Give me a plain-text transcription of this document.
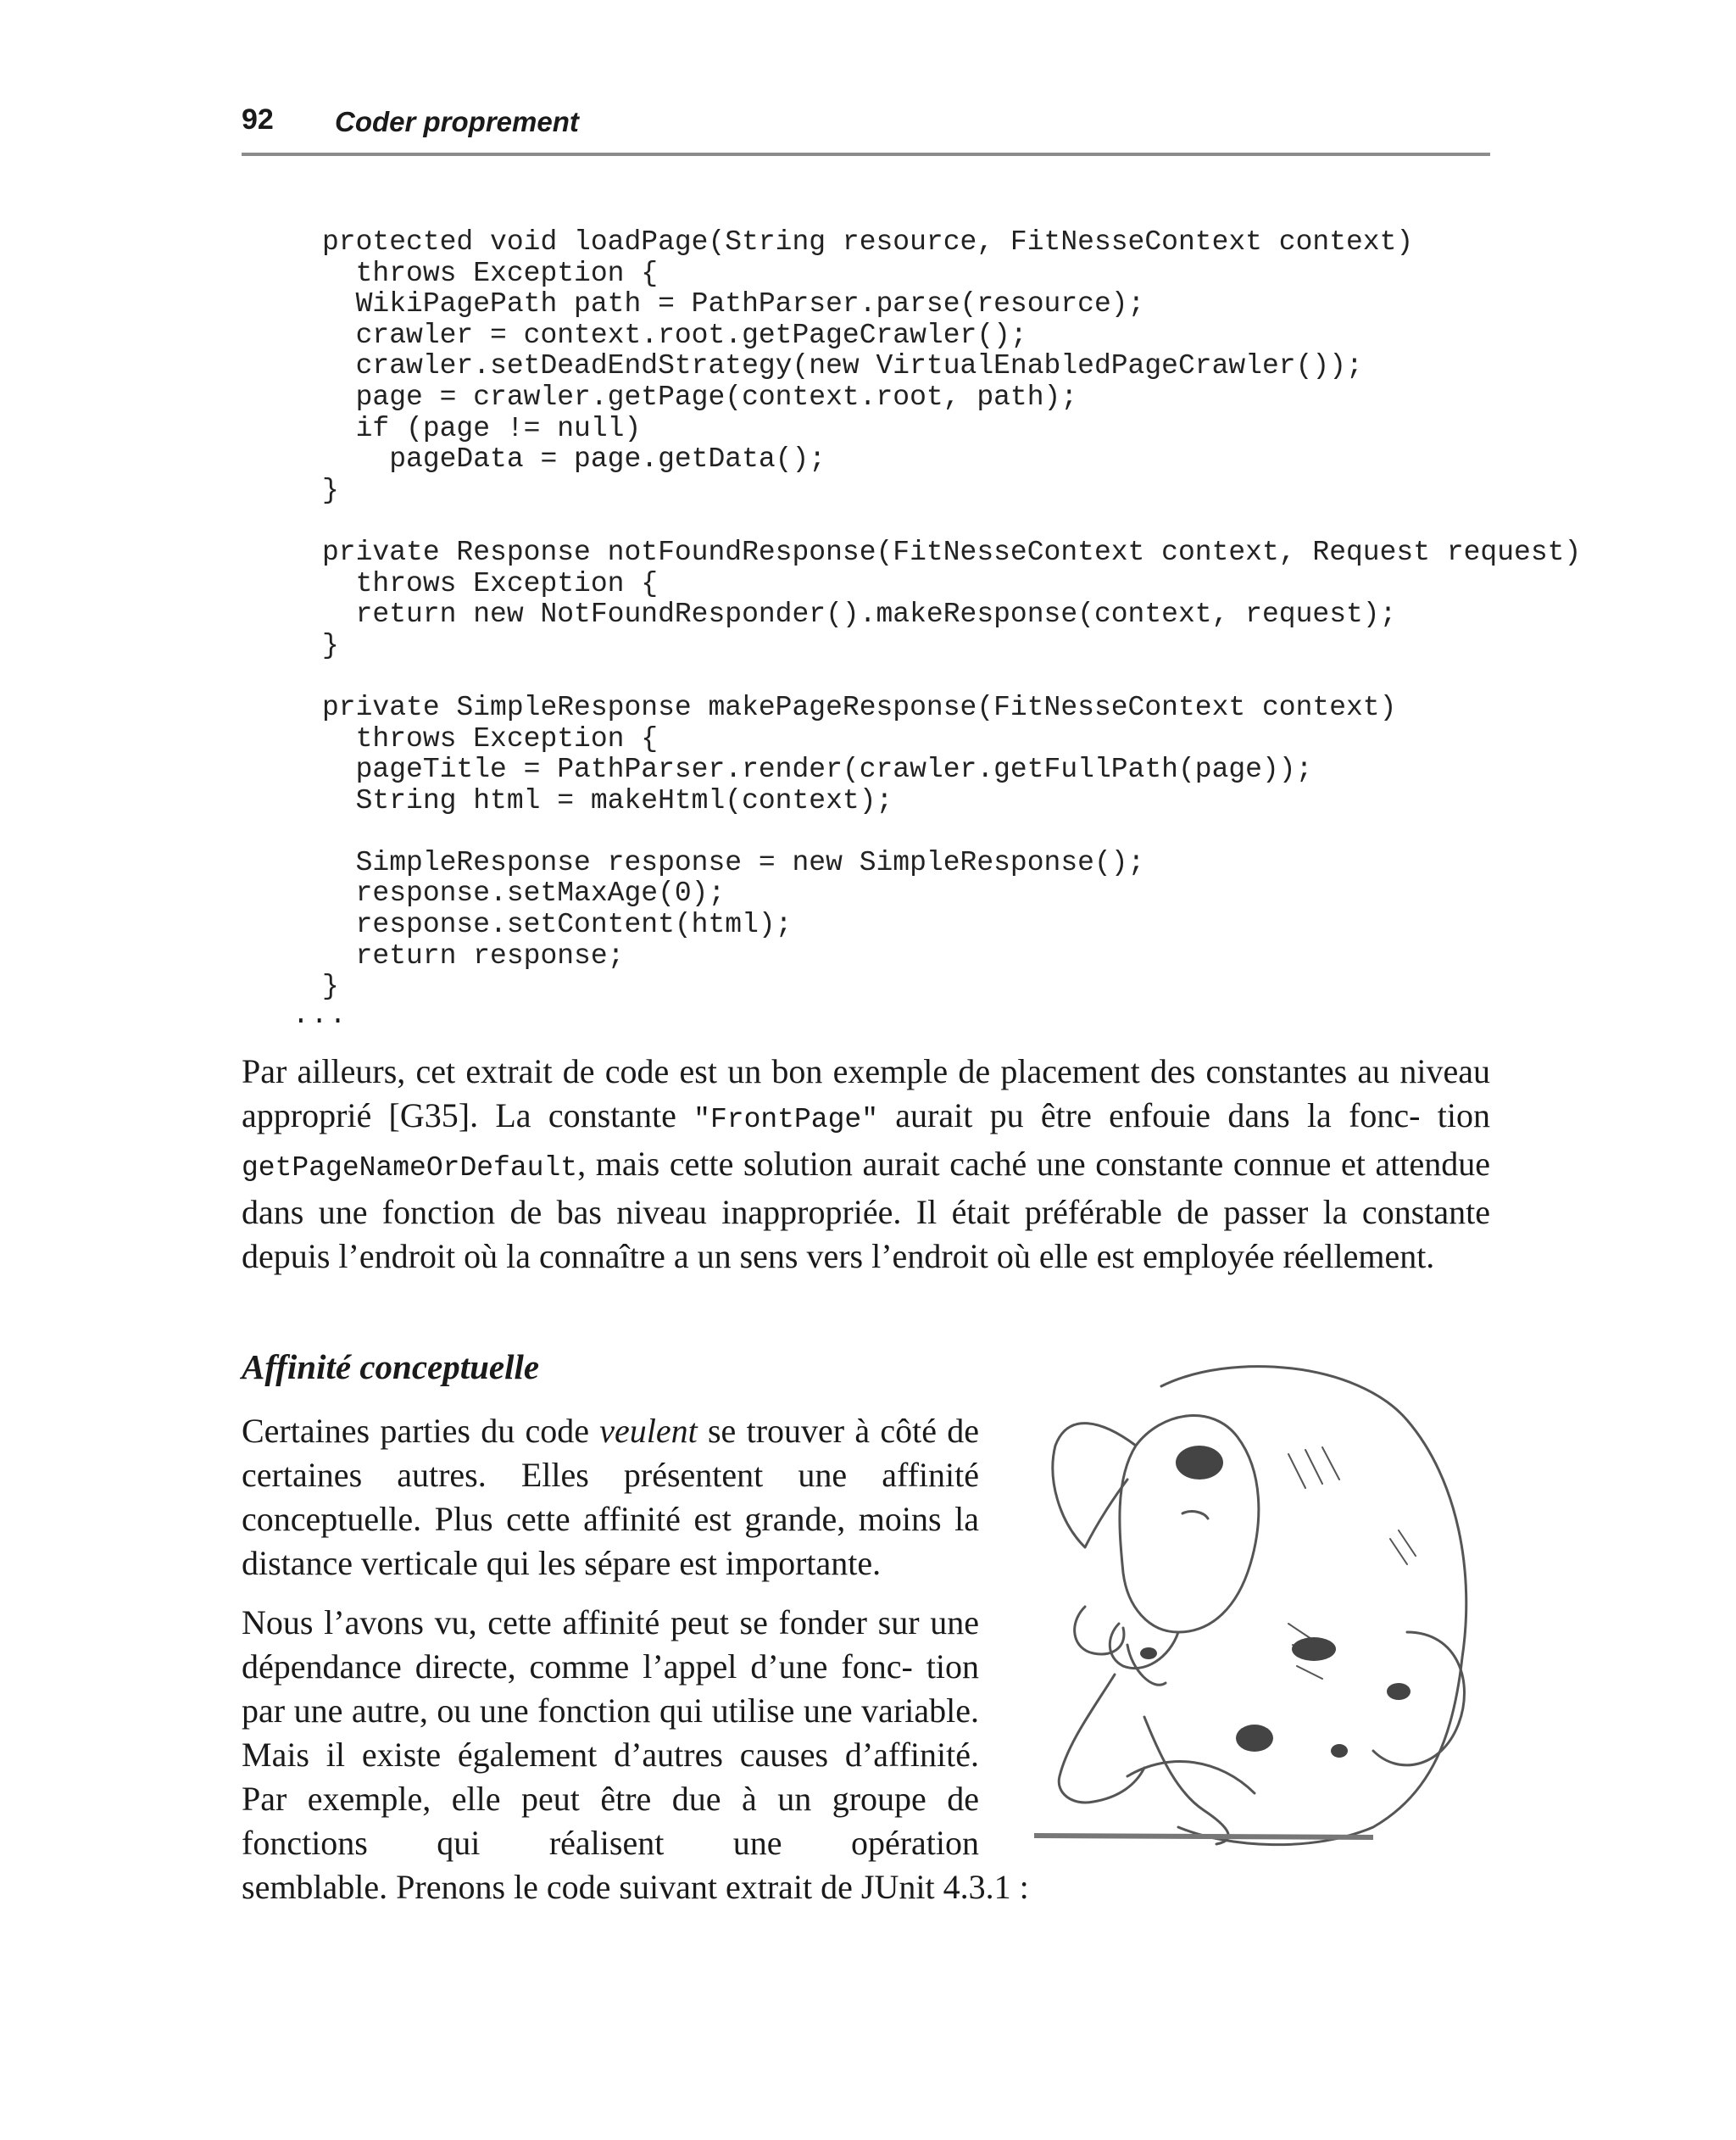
92 Coder proprement
protected void loadPage(String resource, FitNesseContext context)
throws Exception {
WikiPagePath path = PathParser.parse(resource);
crawler = context.root.getPageCrawler();
crawler.setDeadEndStrategy(new VirtualEnabledPageCrawler());
page = crawler.getPage(context.root, path);
if (page != null)
pageData = page.getData();
}

private Response notFoundResponse(FitNesseContext context, Request request)
throws Exception {
return new NotFoundResponder().makeResponse(context, request);
}

private SimpleResponse makePageResponse(FitNesseContext context)
throws Exception {
pageTitle = PathParser.render(crawler.getFullPath(page));
String html = makeHtml(context);

SimpleResponse response = new SimpleResponse();
response.setMaxAge(0);
response.setContent(html);
return response;
}
...

Par ailleurs, cet extrait de code est un bon exemple de placement des constantes au niveau approprié [G35]. La constante "FrontPage" aurait pu être enfouie dans la fonc- tion getPageNameOrDefault, mais cette solution aurait caché une constante connue et attendue dans une fonction de bas niveau inappropriée. Il était préférable de passer la constante depuis l’endroit où la connaître a un sens vers l’endroit où elle est employée réellement.

Affinité conceptuelle

Certaines parties du code veulent se trouver à côté de certaines autres. Elles présentent une affinité conceptuelle. Plus cette affinité est grande, moins la distance verticale qui les sépare est importante.

Nous l’avons vu, cette affinité peut se fonder sur une dépendance directe, comme l’appel d’une fonc- tion par une autre, ou une fonction qui utilise une variable. Mais il existe également d’autres causes d’affinité. Par exemple, elle peut être due à un groupe de fonctions qui réalisent une opération

semblable. Prenons le code suivant extrait de JUnit 4.3.1 :
